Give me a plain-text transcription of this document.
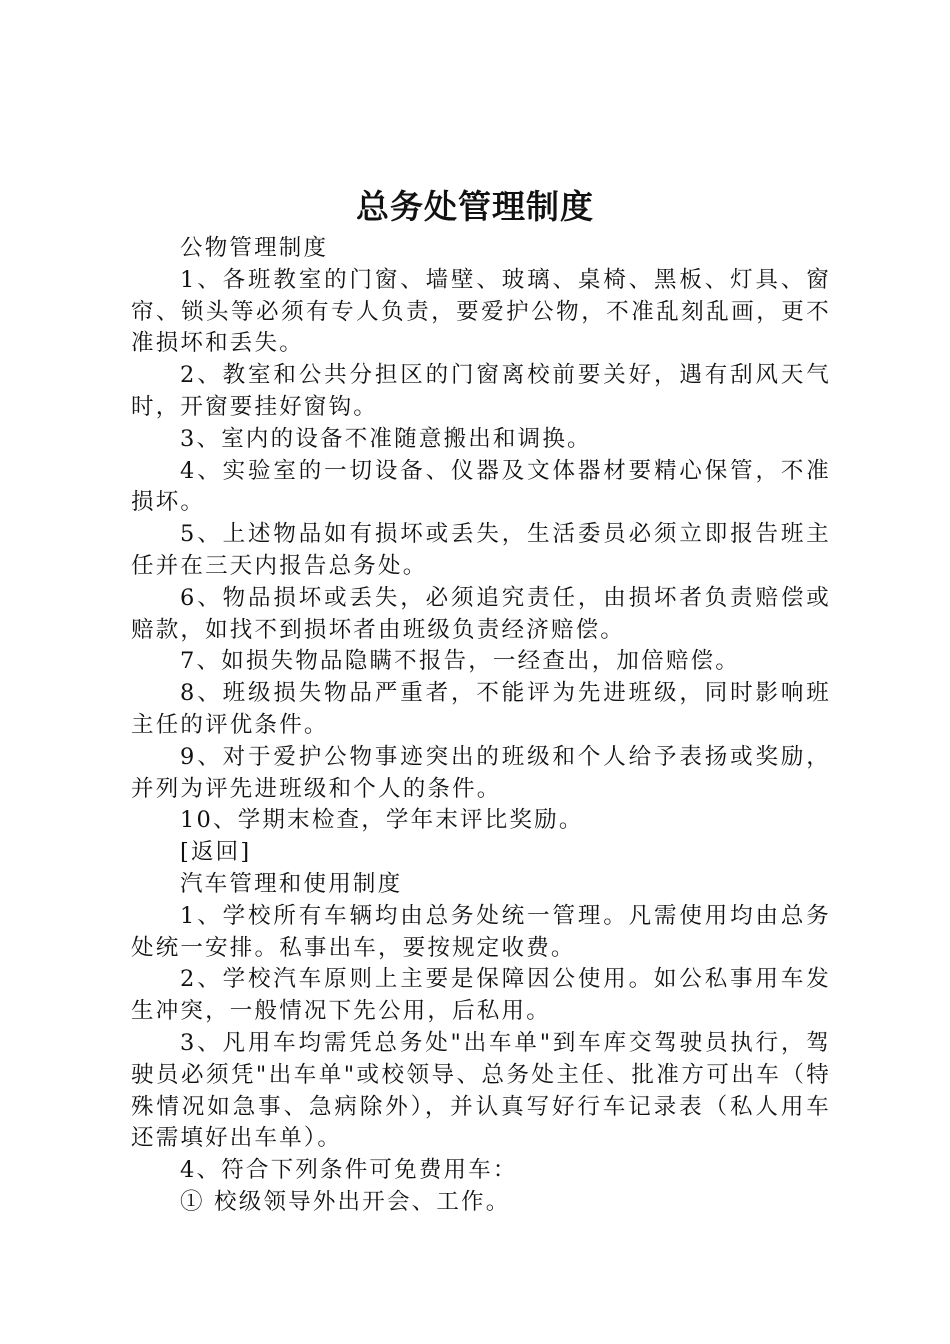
总务处管理制度

公物管理制度

1、各班教室的门窗、墙壁、玻璃、桌椅、黑板、灯具、窗帘、锁头等必须有专人负责，要爱护公物，不准乱刻乱画，更不准损坏和丢失。

2、教室和公共分担区的门窗离校前要关好，遇有刮风天气时，开窗要挂好窗钩。

3、室内的设备不准随意搬出和调换。

4、实验室的一切设备、仪器及文体器材要精心保管，不准损坏。

5、上述物品如有损坏或丢失，生活委员必须立即报告班主任并在三天内报告总务处。

6、物品损坏或丢失，必须追究责任，由损坏者负责赔偿或赔款，如找不到损坏者由班级负责经济赔偿。

7、如损失物品隐瞒不报告，一经查出，加倍赔偿。

8、班级损失物品严重者，不能评为先进班级，同时影响班主任的评优条件。

9、对于爱护公物事迹突出的班级和个人给予表扬或奖励，并列为评先进班级和个人的条件。

10、学期末检查，学年末评比奖励。

[返回]

汽车管理和使用制度

1、学校所有车辆均由总务处统一管理。凡需使用均由总务处统一安排。私事出车，要按规定收费。

2、学校汽车原则上主要是保障因公使用。如公私事用车发生冲突，一般情况下先公用，后私用。

3、凡用车均需凭总务处"出车单"到车库交驾驶员执行，驾驶员必须凭"出车单"或校领导、总务处主任、批准方可出车（特殊情况如急事、急病除外），并认真写好行车记录表（私人用车还需填好出车单）。

4、符合下列条件可免费用车：

① 校级领导外出开会、工作。
